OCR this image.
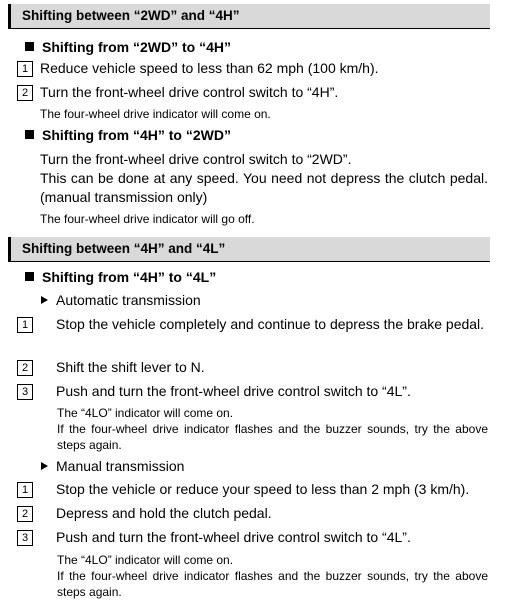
Shifting between “2WD” and “4H”
Shifting from “2WD” to “4H”
1 Reduce vehicle speed to less than 62 mph (100 km/h).
2 Turn the front-wheel drive control switch to “4H”.
The four-wheel drive indicator will come on.
Shifting from “4H” to “2WD”
Turn the front-wheel drive control switch to “2WD”.
This can be done at any speed. You need not depress the clutch pedal. (manual transmission only)
The four-wheel drive indicator will go off.
Shifting between “4H” and “4L”
Shifting from “4H” to “4L”
Automatic transmission
1	Stop the vehicle completely and continue to depress the brake pedal.
2	Shift the shift lever to N.
3	Push and turn the front-wheel drive control switch to “4L”.
The “4LO” indicator will come on.
If the four-wheel drive indicator flashes and the buzzer sounds, try the above steps again.
Manual transmission
1	Stop the vehicle or reduce your speed to less than 2 mph (3 km/h).
2	Depress and hold the clutch pedal.
3	Push and turn the front-wheel drive control switch to “4L”.
The “4LO” indicator will come on.
If the four-wheel drive indicator flashes and the buzzer sounds, try the above steps again.
